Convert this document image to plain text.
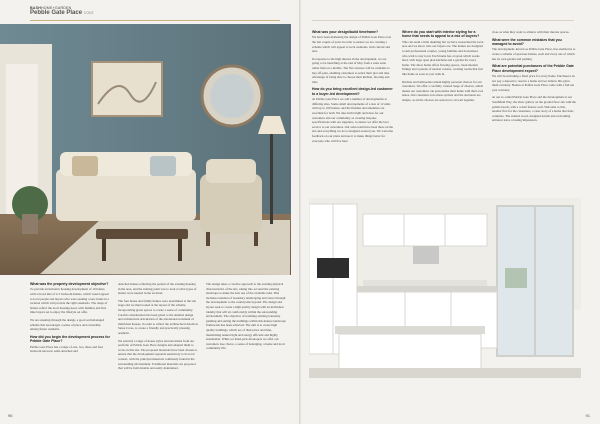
BASHHOME+GARDEN
Pebble Gate Place CONT.
What was your design/build timeframe?

We have been marketing the design of Pebble Gate Place over the last couple of years in order to ensure we are creating a scheme which will appeal to local residents, both current and new.

In response to the high interest in the development, we are going to be launching at the end of May from a sales suite rather than on a mobile. The five releases will be available to buy off-plan, enabling customers to select their plot and take advantage of being able to choose their kitchen, flooring and tiles.

How do you bring excellent design-led customer to a buyer-led development?

At Pebble Gate Place we add a number of developments at differing sites. Some small developments of a size of 12 units with up to 100 homes, and the finishes and amenities are excellent for both. We take both bright and ideas for our customers and our community as creating bespoke specifications with our suppliers, to ensure we offer the best service to our customers. Our sales team have been there on the site and everything we do is designed around you. We welcome feedback on our plans and use it to make things better for everyone who will live here.

Where do you start with interior styling for a home that needs to appeal to a mix of buyers?

This can seem a little daunting but we have researched the local area and we know who our buyers are. The homes are designed to suit professional couples, young families and downsizers who wish to stay local. Each home has a layout which works hard, with large open plan kitchens and a garden for every home. The show home offers flowing spaces, clean modern fittings and a palette of neutral colours, creating rooms that feel like home as soon as you walk in.

Kitchen and bathrooms remain highly personal choices for our customers. We offer a carefully curated range of choices, which means our customers can personalise their home with their own tastes. Our customers love these options and the decisions are simple, as all the choices are selected to sit well together.

close as what they want to achieve with their interior spaces.

What were the common mistakes that you managed to avoid?

The development, known as Pebble Gate Place, has enabled us to create a scheme of spacious homes, each and every one of which has its own garden and parking.

What are potential purchasers of the Pebble Gate Place development expect?

We will be including a fixed price for every home. Purchasers do not pay a deposit to reserve a home and we believe this gives them certainty. Homes at Pebble Gate Place come with a full ten year warranty.

At our so-called Pebble Gate Place and the development at our Southfield Way, the show gallery on the ground floor sits with the pebble beach, with a cobalt feature wall. Welcome to this, another first for the customers, a clear story of a home that feels complete. The stained wood, designed details and welcoming entrance leave a lasting impression.

What was the property development objective?

To provide an inclusive housing development of 10 homes with a broad mix of 2-5 bedroom homes, which would appeal to local people and buyers who were seeking a new home in a location which will provide the right standards. The range of homes reflect the local housing need, with families and first time buyers set to enjoy the lifestyle on offer.

We are ensuring through the design, a good well-managed scheme that encourages a sense of place and ownership among future residents.

How did you begin the development process for Pebble Gate Place?

Pebble Gate Place has a range of one, two, three and four bedroom terraced, semi-detached and

detached homes reflecting the pattern of the existing housing in the area, and the starting point was to look at what types of homes were needed in the location.

The four house and family homes were determined at the site stage and we then looked at the layout of the scheme, incorporating green spaces to create a sense of community. Careful consideration has been given to the detailed design and architectural articulation of the elevational treatment of individual houses, in order to reflect the architectural details in Stone Cross, to create a friendly and practically pleasing aesthetic.

We selected a range of house styles and elevations from our portfolio of Pebble Gate Place designs and adapted them to work on this site. The proposed materials have been chosen to ensure that the development responds sensitively to its local context, with the principal materials commonly found in the surrounding environment. Traditional materials are proposed that will be both durable and easily maintained.

The design takes a creative approach to the existing physical characteristics of the site, taking into account the existing landscape to make the best use of the available land. This includes retention of boundary landscaping and views through the development to the countryside beyond. The design and layout seek to create a high quality design with an individual identity that will sit comfortably within the surrounding environment. The objective of retaining existing boundary planting and setting the buildings within this mature landscape framework has been achieved. The aim is to create high quality buildings, which are of their place and time, maximising natural light and energy efficient and highly sustainable. While we hand-pick developers we offer our customers true choice, a sense of belonging, a home and local community life.

96	91
